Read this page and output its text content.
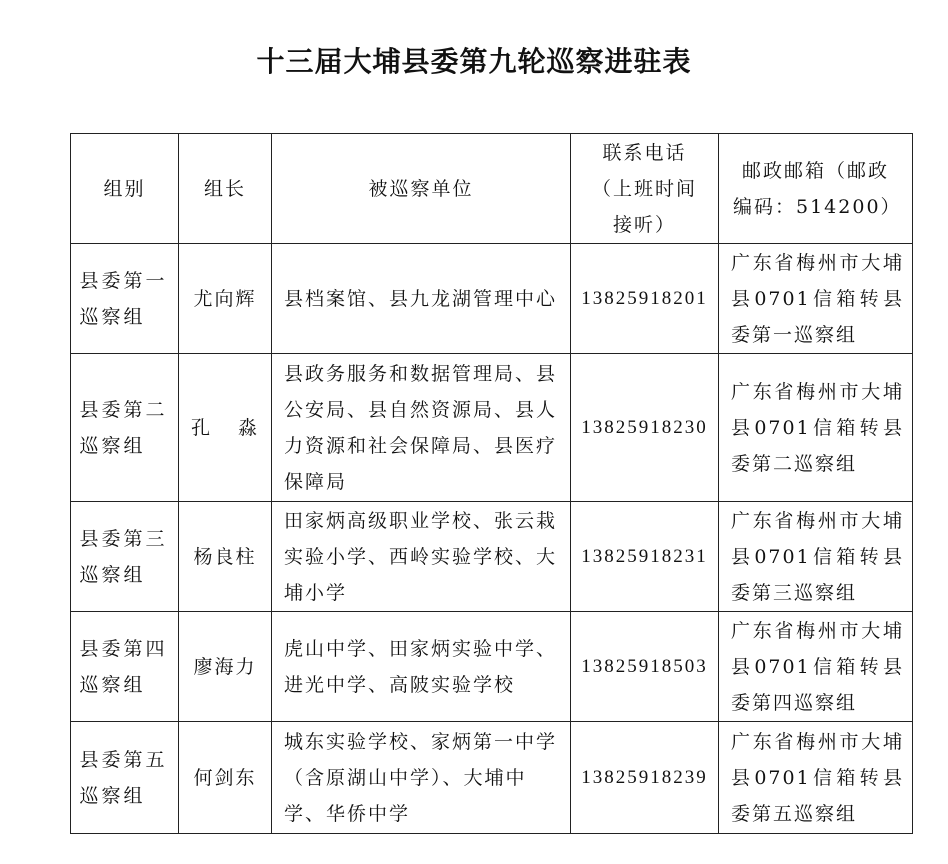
十三届大埔县委第九轮巡察进驻表
组别	组长	被巡察单位	联系电话（上班时间接听）	邮政邮箱（邮政编码：514200）
县委第一巡察组	尤向辉	县档案馆、县九龙湖管理中心	13825918201	广东省梅州市大埔县0701信箱转县委第一巡察组
县委第二巡察组	孔 淼	县政务服务和数据管理局、县公安局、县自然资源局、县人力资源和社会保障局、县医疗保障局	13825918230	广东省梅州市大埔县0701信箱转县委第二巡察组
县委第三巡察组	杨良柱	田家炳高级职业学校、张云栽实验小学、西岭实验学校、大埔小学	13825918231	广东省梅州市大埔县0701信箱转县委第三巡察组
县委第四巡察组	廖海力	虎山中学、田家炳实验中学、进光中学、高陂实验学校	13825918503	广东省梅州市大埔县0701信箱转县委第四巡察组
县委第五巡察组	何剑东	城东实验学校、家炳第一中学（含原湖山中学）、大埔中学、华侨中学	13825918239	广东省梅州市大埔县0701信箱转县委第五巡察组
